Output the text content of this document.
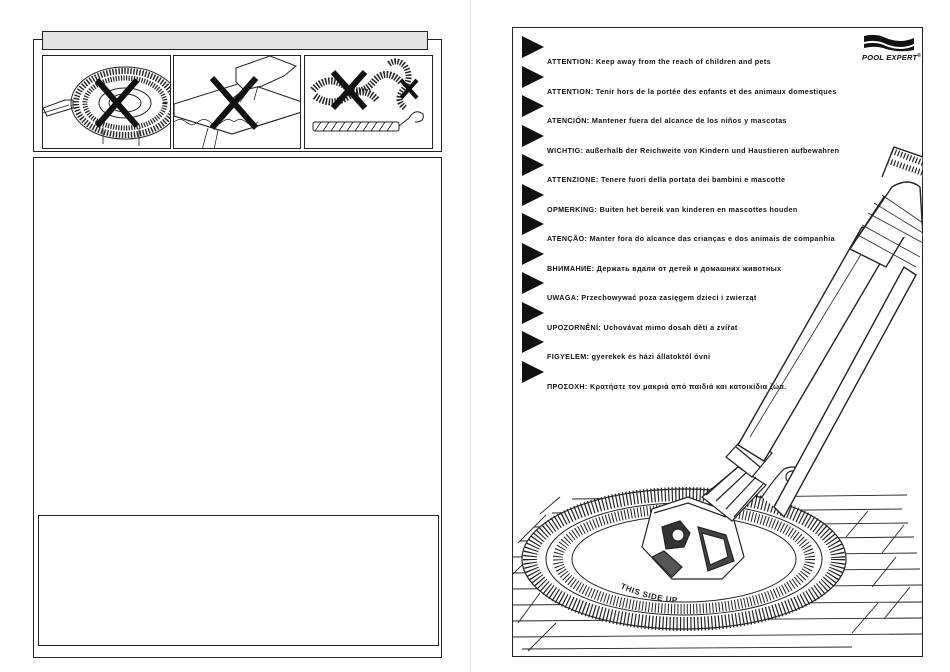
POOL EXPERT®
THIS SIDE UP
ATTENTION: Keep away from the reach of children and pets
ATTENTION: Tenir hors de la portée des enfants et des animaux domestiques
ATENCIÓN: Mantener fuera del alcance de los niños y mascotas
WICHTIG: außerhalb der Reichweite von Kindern und Haustieren aufbewahren
ATTENZIONE: Tenere fuori della portata dei bambini e mascotte
OPMERKING: Buiten het bereik van kinderen en mascottes houden
ATENÇÃO: Manter fora do alcance das crianças e dos animais de companhia
ВНИМАНИЕ: Держать вдали от детей и домашних животных
UWAGA: Przechowywać poza zasięgem dzieci i zwierząt
UPOZORNĚNÍ: Uchovávat mimo dosah dětí a zvířat
FIGYELEM: gyerekek és házi állatoktól óvni
ΠΡΟΣΟΧΗ: Κρατήστε τον μακριά από παιδιά και κατοικίδια ζώα.
